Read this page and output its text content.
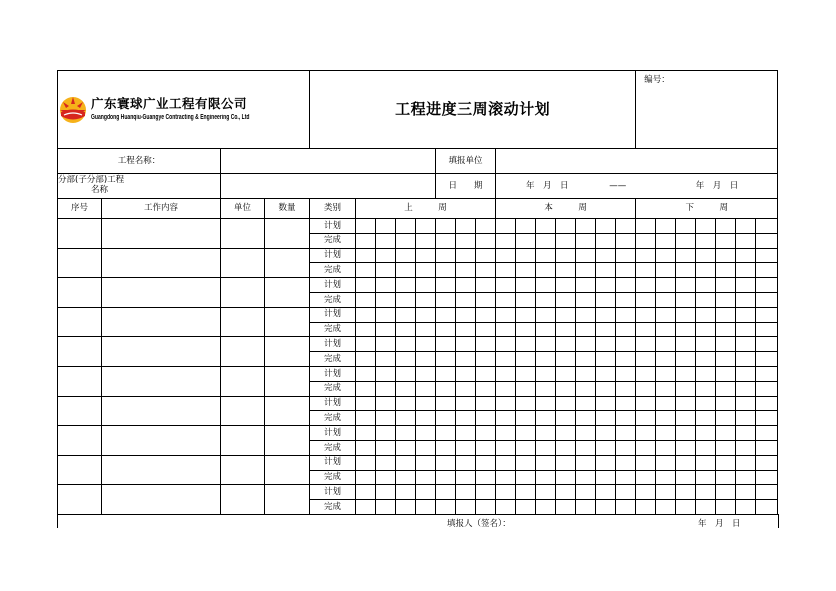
广东寰球广业工程有限公司
Guangdong Huanqiu-Guangye Contracting & Engineering Co., Ltd				工程进度三周滚动计划				编号：
工程名称：						填报单位		

分部(子分部)工程
名称						日　　期	年　月　日 ——	年　月　日
序号	工作内容	单位	数量	类别	上　　　周		本　　　周	下　　　周
				计划																					
				完成																					
				计划																					
				完成																					
				计划																					
				完成																					
				计划																					
				完成																					
				计划																					
				完成																					
				计划																					
				完成																					
				计划																					
				完成																					
				计划																					
				完成																					
				计划																					
				完成																					
				计划																					
				完成																					
填报人（签名）：	年　月　日
